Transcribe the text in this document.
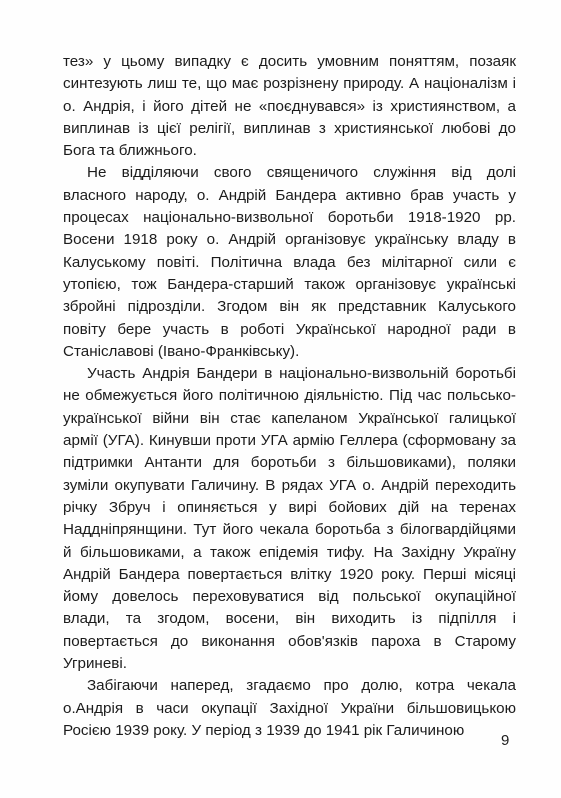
тез» у цьому випадку є досить умовним поняттям, позаяк синтезують лиш те, що має розрізнену природу. А націоналізм і о. Андрія, і його дітей не «поєднувався» із християнством, а виплинав із цієї релігії, виплинав з християнської любові до Бога та ближнього.

Не відділяючи свого священичого служіння від долі власного народу, о. Андрій Бандера активно брав участь у процесах національно-визвольної боротьби 1918-1920 рр. Восени 1918 року о. Андрій організовує українську владу в Калуському повіті. Політична влада без мілітарної сили є утопією, тож Бандера-старший також організовує українські збройні підрозділи. Згодом він як представник Калуського повіту бере участь в роботі Української народної ради в Станіславові (Івано-Франківську).

Участь Андрія Бандери в національно-визвольній боротьбі не обмежується його політичною діяльністю. Під час польсько-української війни він стає капеланом Української галицької армії (УГА). Кинувши проти УГА армію Геллера (сформовану за підтримки Антанти для боротьби з більшовиками), поляки зуміли окупувати Галичину. В рядах УГА о. Андрій переходить річку Збруч і опиняється у вирі бойових дій на теренах Наддніпрянщини. Тут його чекала боротьба з білогвардійцями й більшовиками, а також епідемія тифу. На Західну Україну Андрій Бандера повертається влітку 1920 року. Перші місяці йому довелось переховуватися від польської окупаційної влади, та згодом, восени, він виходить із підпілля і повертається до виконання обов'язків пароха в Старому Угриневі.

Забігаючи наперед, згадаємо про долю, котра чекала о.Андрія в часи окупації Західної України більшовицькою Росією 1939 року. У період з 1939 до 1941 рік Галичиною

9
